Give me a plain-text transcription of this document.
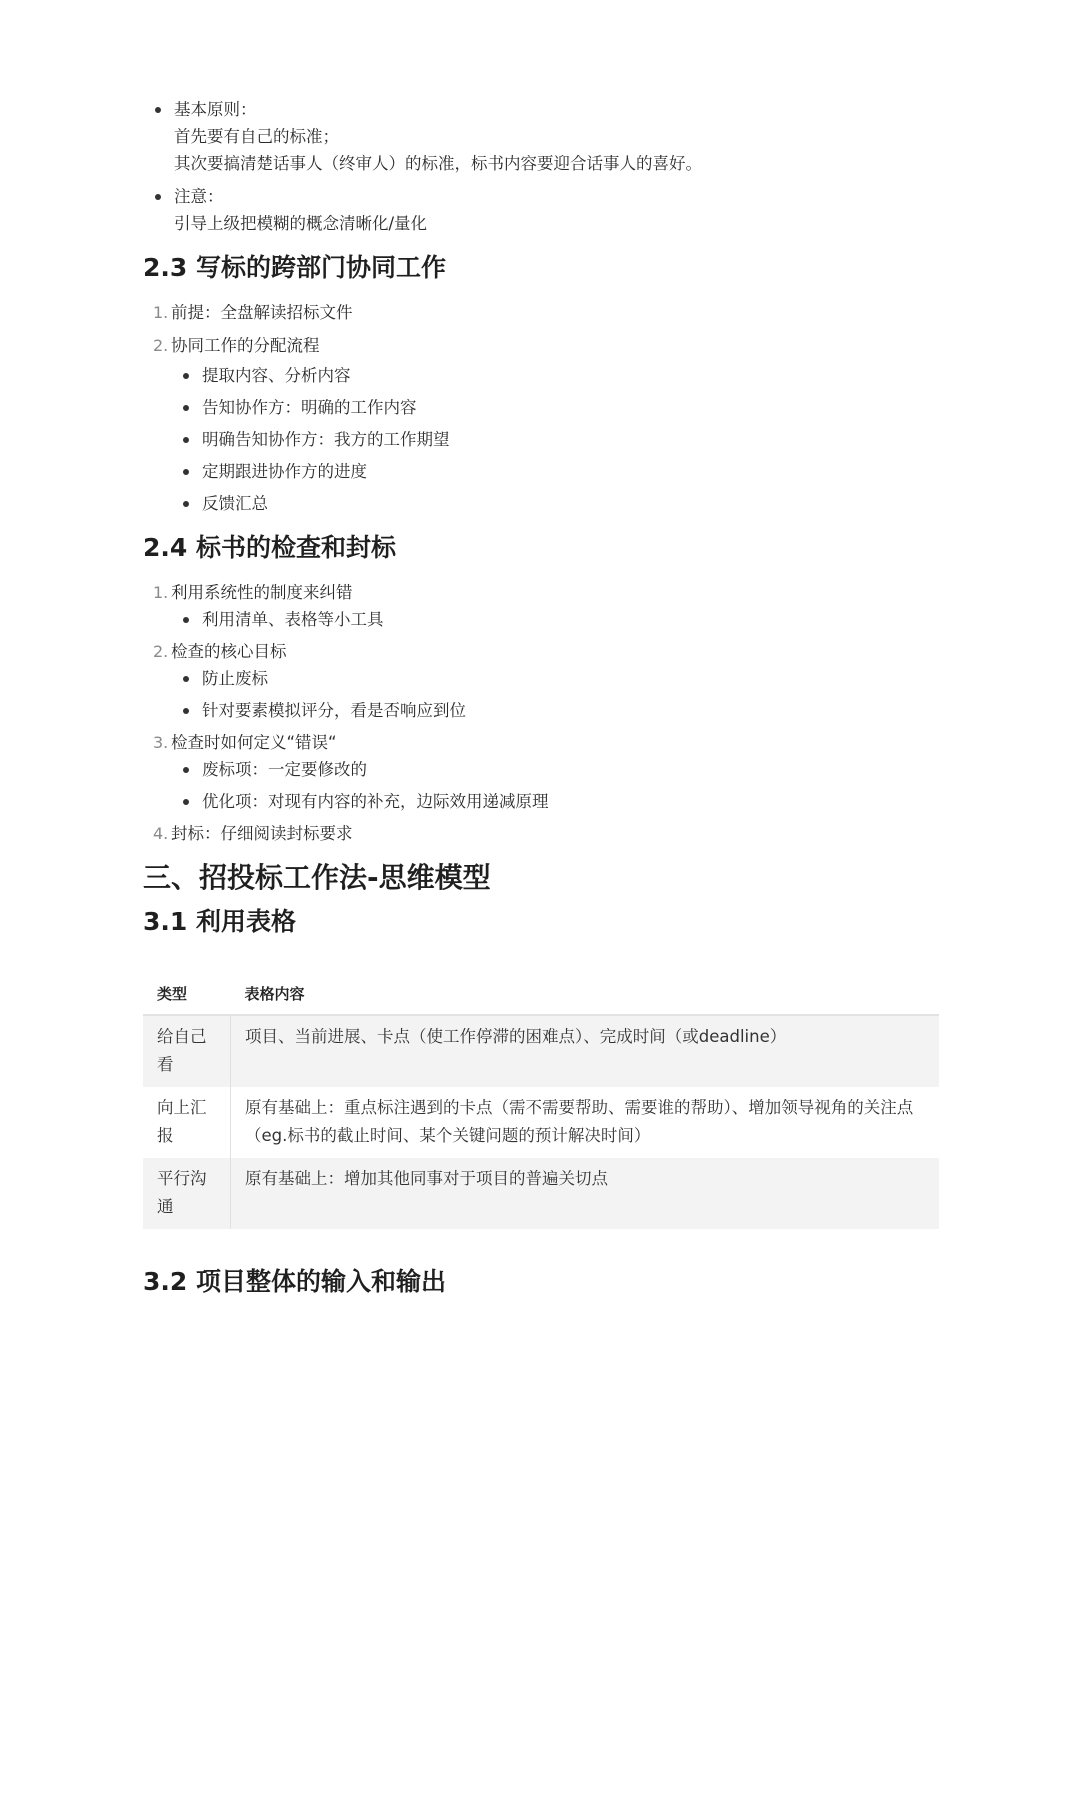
基本原则：
首先要有自己的标准；
其次要搞清楚话事人（终审人）的标准，标书内容要迎合话事人的喜好。
注意：
引导上级把模糊的概念清晰化/量化
2.3 写标的跨部门协同工作
1. 前提：全盘解读招标文件
2. 协同工作的分配流程
提取内容、分析内容
告知协作方：明确的工作内容
明确告知协作方：我方的工作期望
定期跟进协作方的进度
反馈汇总
2.4 标书的检查和封标
1. 利用系统性的制度来纠错
利用清单、表格等小工具
2. 检查的核心目标
防止废标
针对要素模拟评分，看是否响应到位
3. 检查时如何定义“错误“
废标项：一定要修改的
优化项：对现有内容的补充，边际效用递减原理
4. 封标：仔细阅读封标要求
三、招投标工作法-思维模型
3.1 利用表格
类型	表格内容

给自己
看	项目、当前进展、卡点（使工作停滞的困难点）、完成时间（或deadline）

向上汇
报	原有基础上：重点标注遇到的卡点（需不需要帮助、需要谁的帮助）、增加领导视角的关注点（eg.标书的截止时间、某个关键问题的预计解决时间）

平行沟
通	原有基础上：增加其他同事对于项目的普遍关切点
3.2 项目整体的输入和输出
